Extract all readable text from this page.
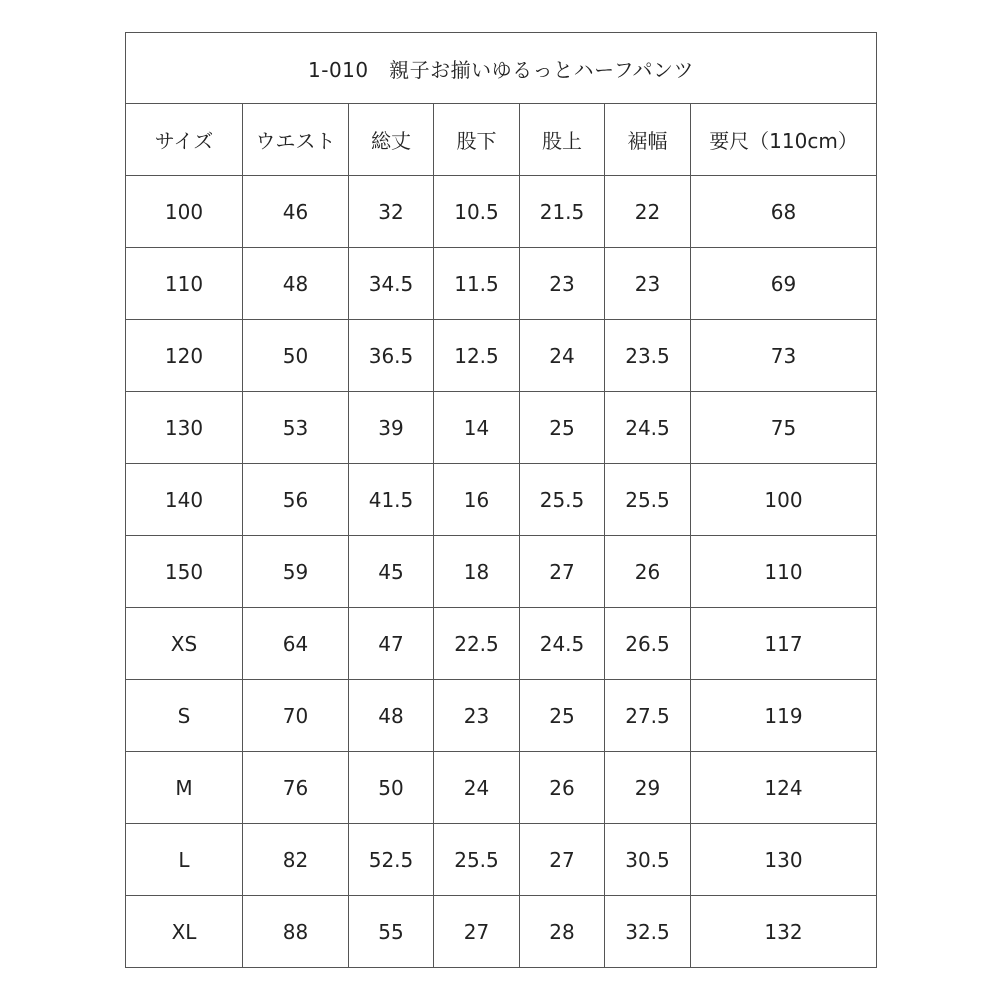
1-010　親子お揃いゆるっとハーフパンツ						
サイズ	ウエスト	総丈	股下	股上	裾幅	要尺（110cm）
100	46	32	10.5	21.5	22	68
110	48	34.5	11.5	23	23	69
120	50	36.5	12.5	24	23.5	73
130	53	39	14	25	24.5	75
140	56	41.5	16	25.5	25.5	100
150	59	45	18	27	26	110
XS	64	47	22.5	24.5	26.5	117
S	70	48	23	25	27.5	119
M	76	50	24	26	29	124
L	82	52.5	25.5	27	30.5	130
XL	88	55	27	28	32.5	132
